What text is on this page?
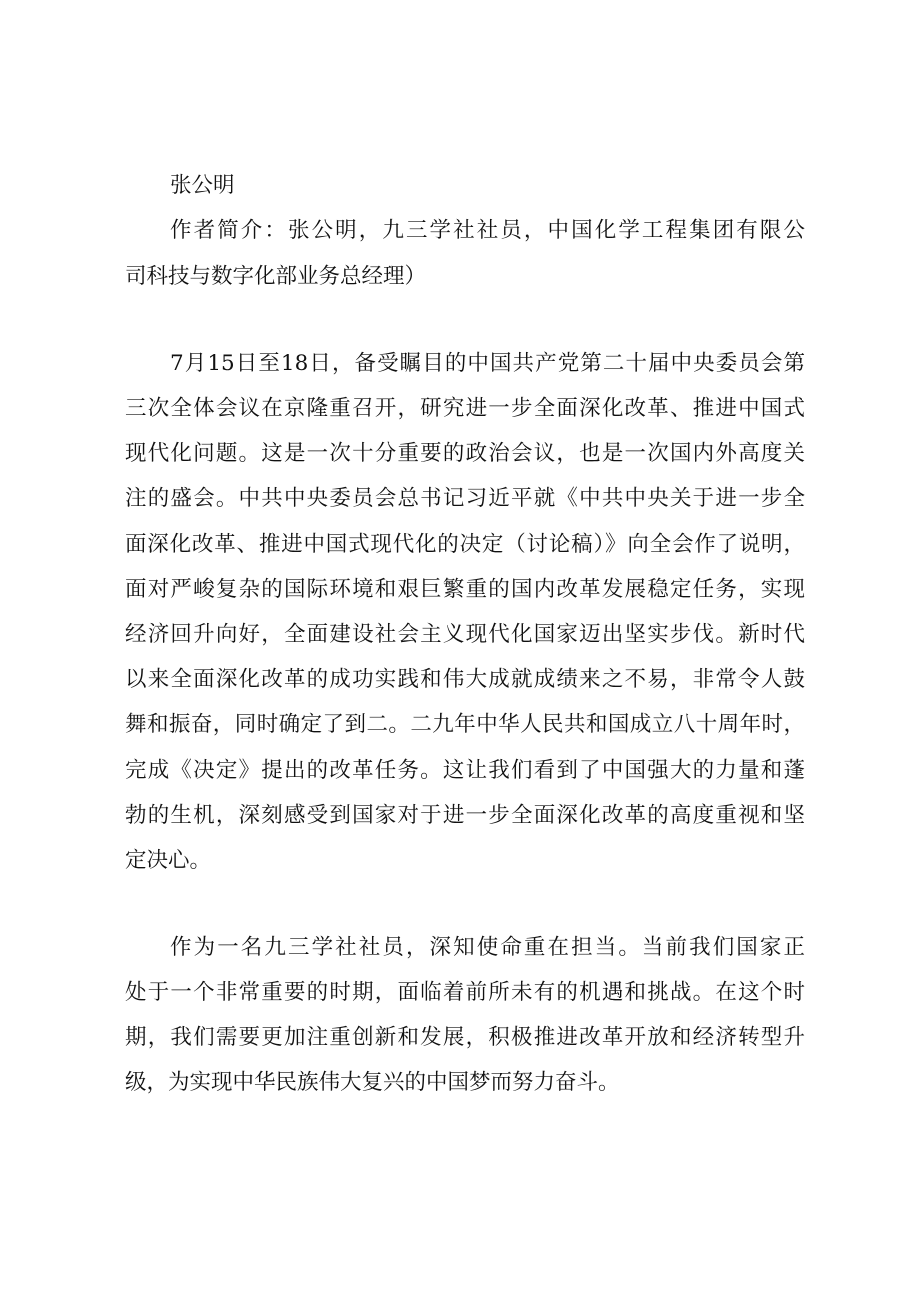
张公明
作者简介：张公明，九三学社社员，中国化学工程集团有限公
司科技与数字化部业务总经理）
7月15日至18日，备受瞩目的中国共产党第二十届中央委员会第
三次全体会议在京隆重召开，研究进一步全面深化改革、推进中国式
现代化问题。这是一次十分重要的政治会议，也是一次国内外高度关
注的盛会。中共中央委员会总书记习近平就《中共中央关于进一步全
面深化改革、推进中国式现代化的决定（讨论稿）》向全会作了说明，
面对严峻复杂的国际环境和艰巨繁重的国内改革发展稳定任务，实现
经济回升向好，全面建设社会主义现代化国家迈出坚实步伐。新时代
以来全面深化改革的成功实践和伟大成就成绩来之不易，非常令人鼓
舞和振奋，同时确定了到二。二九年中华人民共和国成立八十周年时，
完成《决定》提出的改革任务。这让我们看到了中国强大的力量和蓬
勃的生机，深刻感受到国家对于进一步全面深化改革的高度重视和坚
定决心。
作为一名九三学社社员，深知使命重在担当。当前我们国家正
处于一个非常重要的时期，面临着前所未有的机遇和挑战。在这个时
期，我们需要更加注重创新和发展，积极推进改革开放和经济转型升
级，为实现中华民族伟大复兴的中国梦而努力奋斗。
